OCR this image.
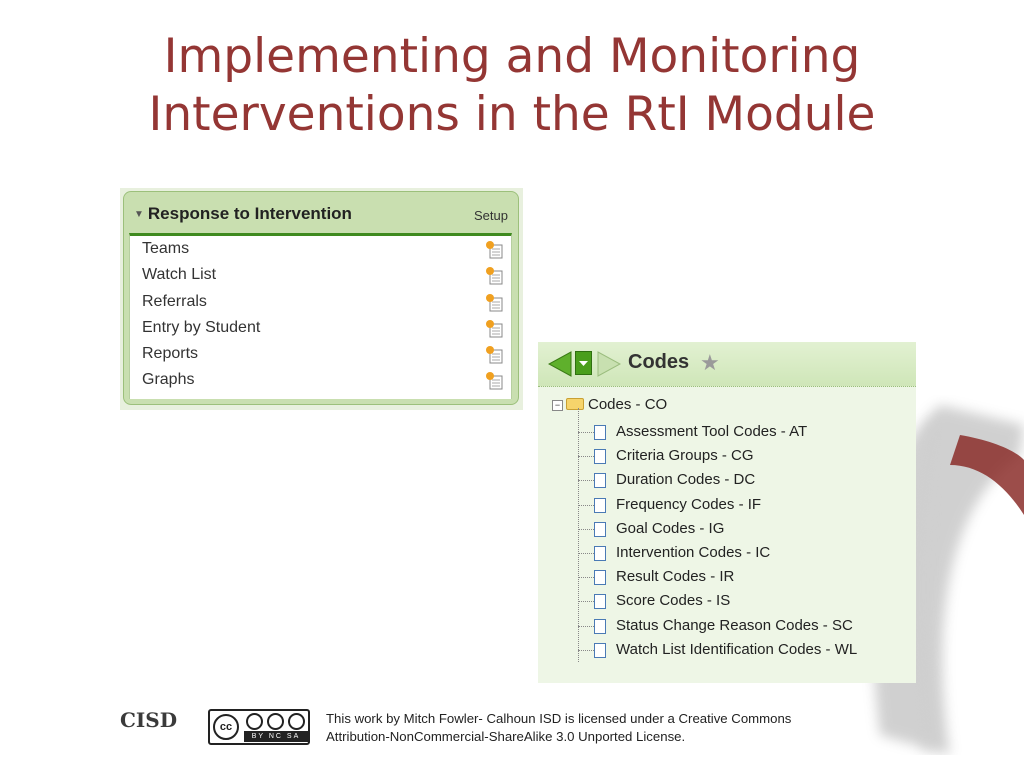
Implementing and Monitoring
Interventions in the RtI Module
▼ Response to Intervention	Setup
Teams
Watch List
Referrals
Entry by Student
Reports
Graphs
Codes ★
− Codes - CO
Assessment Tool Codes - AT
Criteria Groups - CG
Duration Codes - DC
Frequency Codes - IF
Goal Codes - IG
Intervention Codes - IC
Result Codes - IR
Score Codes - IS
Status Change Reason Codes - SC
Watch List Identification Codes - WL
CISD	cc
BY NC SA
This work by Mitch Fowler- Calhoun ISD is licensed under a Creative Commons
Attribution-NonCommercial-ShareAlike 3.0 Unported License.
